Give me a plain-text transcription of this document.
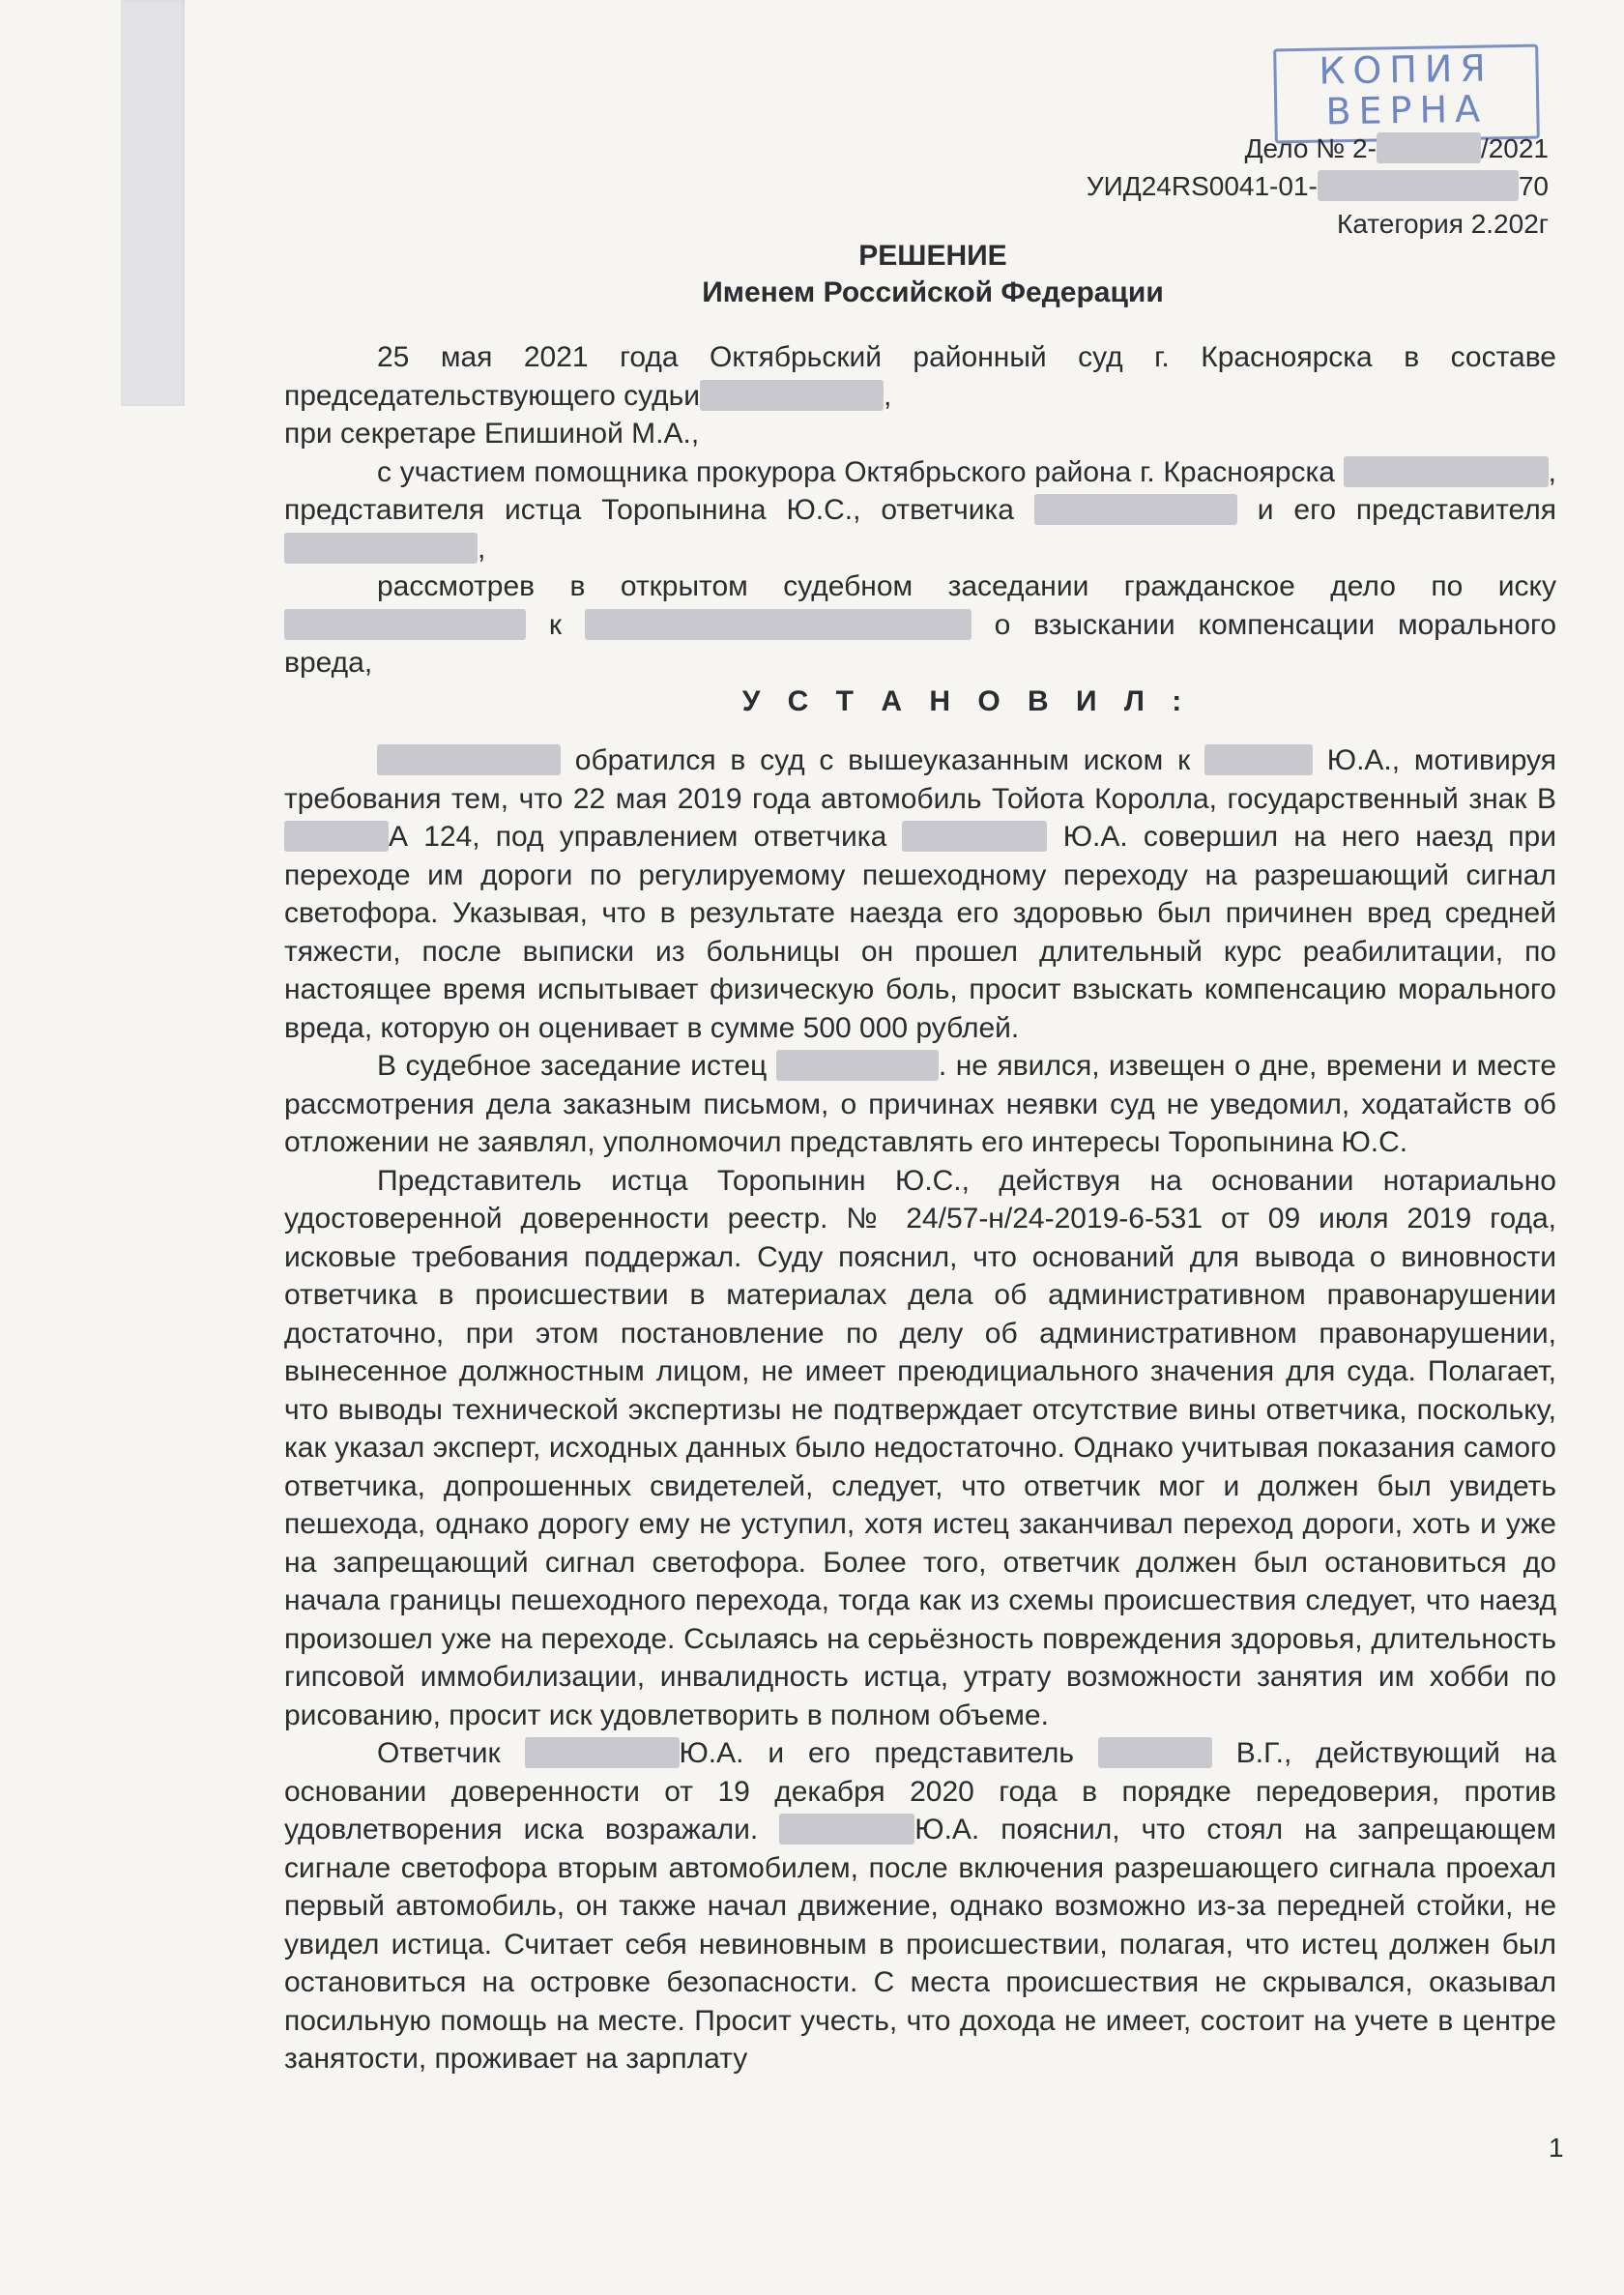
КОПИЯ
ВЕРНА
Дело № 2-	/2021
УИД24RS0041-01-	70
Категория 2.202г
РЕШЕНИЕ
Именем Российской Федерации

25 мая 2021 года Октябрьский районный суд г. Красноярска в составе председательствующего судьи	,

при секретаре Епишиной М.А.,

с участием помощника прокурора Октябрьского района г. Красноярска	, представителя истца Торопынина Ю.С., ответчика	и его представителя ,

рассмотрев в открытом судебном заседании гражданское дело по иску  к	о взыскании компенсации морального вреда,

У С Т А Н О В И Л :

обратился в суд с вышеуказанным иском к	Ю.А., мотивируя требования тем, что 22 мая 2019 года автомобиль Тойота Королла, государственный знак ВА 124, под управлением ответчика	Ю.А. совершил на него наезд при переходе им дороги по регулируемому пешеходному переходу на разрешающий сигнал светофора. Указывая, что в результате наезда его здоровью был причинен вред средней тяжести, после выписки из больницы он прошел длительный курс реабилитации, по настоящее время испытывает физическую боль, просит взыскать компенсацию морального вреда, которую он оценивает в сумме 500 000 рублей.

В судебное заседание истец	. не явился, извещен о дне, времени и месте рассмотрения дела заказным письмом, о причинах неявки суд не уведомил, ходатайств об отложении не заявлял, уполномочил представлять его интересы Торопынина Ю.С.

Представитель истца Торопынин Ю.С., действуя на основании нотариально удостоверенной доверенности реестр. № 24/57-н/24-2019-6-531 от 09 июля 2019 года, исковые требования поддержал. Суду пояснил, что оснований для вывода о виновности ответчика в происшествии в материалах дела об административном правонарушении достаточно, при этом постановление по делу об административном правонарушении, вынесенное должностным лицом, не имеет преюдициального значения для суда. Полагает, что выводы технической экспертизы не подтверждает отсутствие вины ответчика, поскольку, как указал эксперт, исходных данных было недостаточно. Однако учитывая показания самого ответчика, допрошенных свидетелей, следует, что ответчик мог и должен был увидеть пешехода, однако дорогу ему не уступил, хотя истец заканчивал переход дороги, хоть и уже на запрещающий сигнал светофора. Более того, ответчик должен был остановиться до начала границы пешеходного перехода, тогда как из схемы происшествия следует, что наезд произошел уже на переходе. Ссылаясь на серьёзность повреждения здоровья, длительность гипсовой иммобилизации, инвалидность истца, утрату возможности занятия им хобби по рисованию, просит иск удовлетворить в полном объеме.

Ответчик	Ю.А. и его представитель	В.Г., действующий на основании доверенности от 19 декабря 2020 года в порядке передоверия, против удовлетворения иска возражали.	Ю.А. пояснил, что стоял на запрещающем сигнале светофора вторым автомобилем, после включения разрешающего сигнала проехал первый автомобиль, он также начал движение, однако возможно из-за передней стойки, не увидел истица. Считает себя невиновным в происшествии, полагая, что истец должен был остановиться на островке безопасности. С места происшествия не скрывался, оказывал посильную помощь на месте. Просит учесть, что дохода не имеет, состоит на учете в центре занятости, проживает на зарплату

1
